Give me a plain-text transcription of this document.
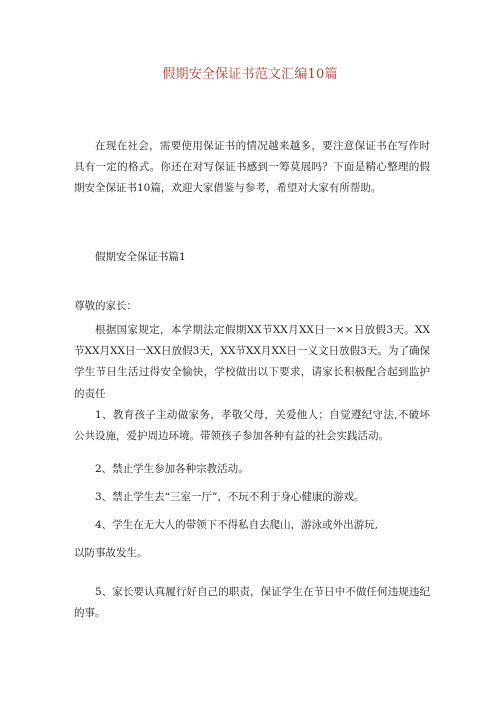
假期安全保证书范文汇编10篇

在现在社会，需要使用保证书的情况越来越多，要注意保证书在写作时具有一定的格式。你还在对写保证书感到一筹莫展吗？下面是精心整理的假期安全保证书10篇，欢迎大家借鉴与参考，希望对大家有所帮助。

假期安全保证书篇1

尊敬的家长：

根据国家规定，本学期法定假期XX节XX月XX日一××日放假3天。XX节XX月XX日一XX日放假3天，XX节XX月XX日一义文日放假3天。为了确保学生节日生活过得安全愉快，学校做出以下要求，请家长积极配合起到监护的责任

1、教育孩子主动做家务，孝敬父母，关爱他人；自觉遵纪守法,不破坏公共设施，爱护周边环境。带领孩子参加各种有益的社会实践活动。

2、禁止学生参加各种宗教活动。

3、禁止学生去“三室一厅”，不玩不利于身心健康的游戏。

4、学生在无大人的带领下不得私自去爬山，游泳或外出游玩,

以防事故发生。

5、家长要认真履行好自己的职责，保证学生在节日中不做任何违规违纪的事。
